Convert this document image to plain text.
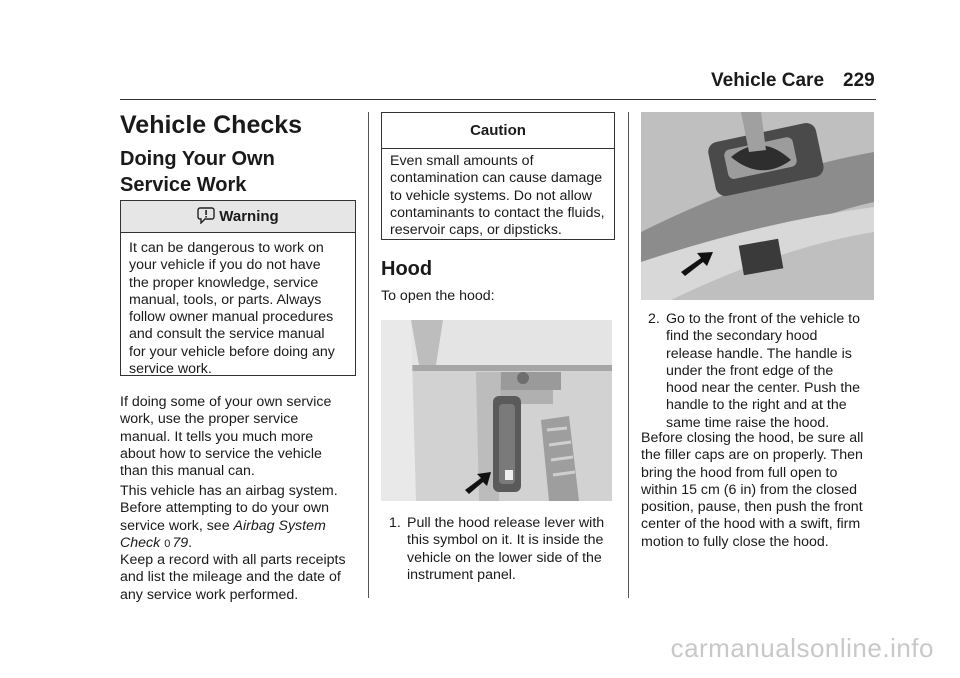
Vehicle Care 229
Vehicle Checks
Doing Your Own
Service Work
Warning
It can be dangerous to work on
your vehicle if you do not have
the proper knowledge, service
manual, tools, or parts. Always
follow owner manual procedures
and consult the service manual
for your vehicle before doing any
service work.
If doing some of your own service
work, use the proper service
manual. It tells you much more
about how to service the vehicle
than this manual can.
This vehicle has an airbag system.
Before attempting to do your own
service work, see Airbag System
Check 0 79.
Keep a record with all parts receipts
and list the mileage and the date of
any service work performed.
Caution
Even small amounts of
contamination can cause damage
to vehicle systems. Do not allow
contaminants to contact the fluids,
reservoir caps, or dipsticks.
Hood
To open the hood:
1. Pull the hood release lever with
this symbol on it. It is inside the
vehicle on the lower side of the
instrument panel.
2. Go to the front of the vehicle to
find the secondary hood
release handle. The handle is
under the front edge of the
hood near the center. Push the
handle to the right and at the
same time raise the hood.
Before closing the hood, be sure all
the filler caps are on properly. Then
bring the hood from full open to
within 15 cm (6 in) from the closed
position, pause, then push the front
center of the hood with a swift, firm
motion to fully close the hood.
carmanualsonline.info
